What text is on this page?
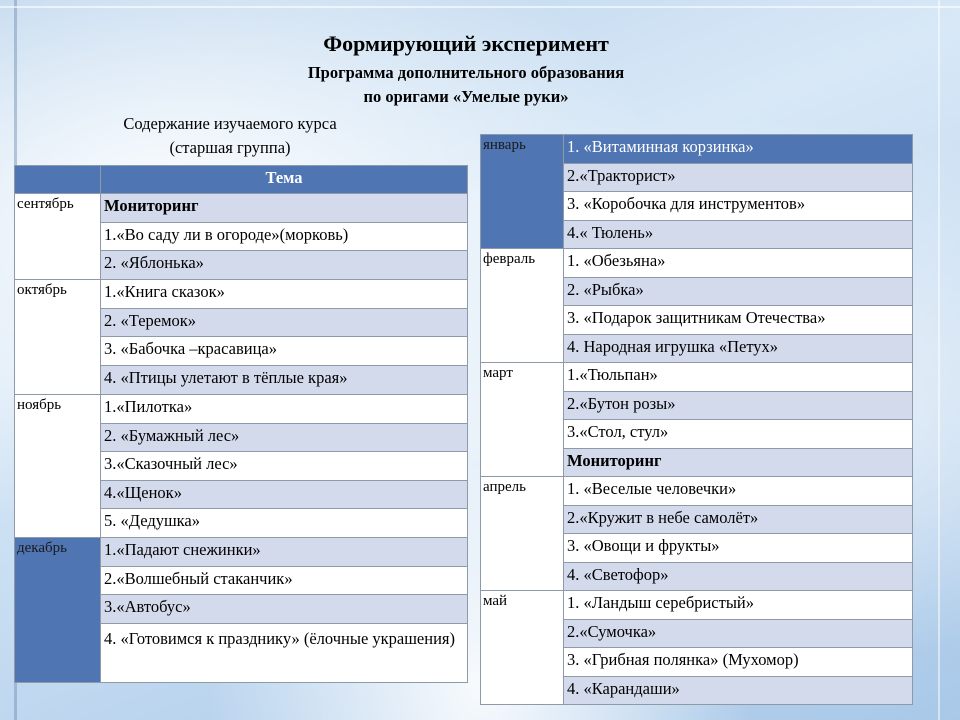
Формирующий эксперимент
Программа дополнительного образования
по оригами «Умелые руки»
Содержание изучаемого курса
(старшая группа)
	Тема
сентябрь	Мониторинг
	1.«Во саду ли в огороде»(морковь)
	2. «Яблонька»
октябрь	1.«Книга сказок»
	2. «Теремок»
	3. «Бабочка –красавица»
	4. «Птицы улетают в тёплые края»
ноябрь	1.«Пилотка»
	2. «Бумажный лес»
	3.«Сказочный лес»
	4.«Щенок»
	5. «Дедушка»
декабрь	1.«Падают снежинки»
	2.«Волшебный стаканчик»
	3.«Автобус»
	4. «Готовимся к празднику» (ёлочные украшения)
январь	1. «Витаминная корзинка»
	2.«Тракторист»
	3. «Коробочка для инструментов»
	4.« Тюлень»
февраль	1. «Обезьяна»
	2. «Рыбка»
	3. «Подарок защитникам Отечества»
	4. Народная игрушка «Петух»
март	1.«Тюльпан»
	2.«Бутон розы»
	3.«Стол, стул»
	Мониторинг
апрель	1. «Веселые человечки»
	2.«Кружит в небе самолёт»
	3. «Овощи и фрукты»
	4. «Светофор»
май	1. «Ландыш серебристый»
	2.«Сумочка»
	3. «Грибная полянка» (Мухомор)
	4. «Карандаши»
